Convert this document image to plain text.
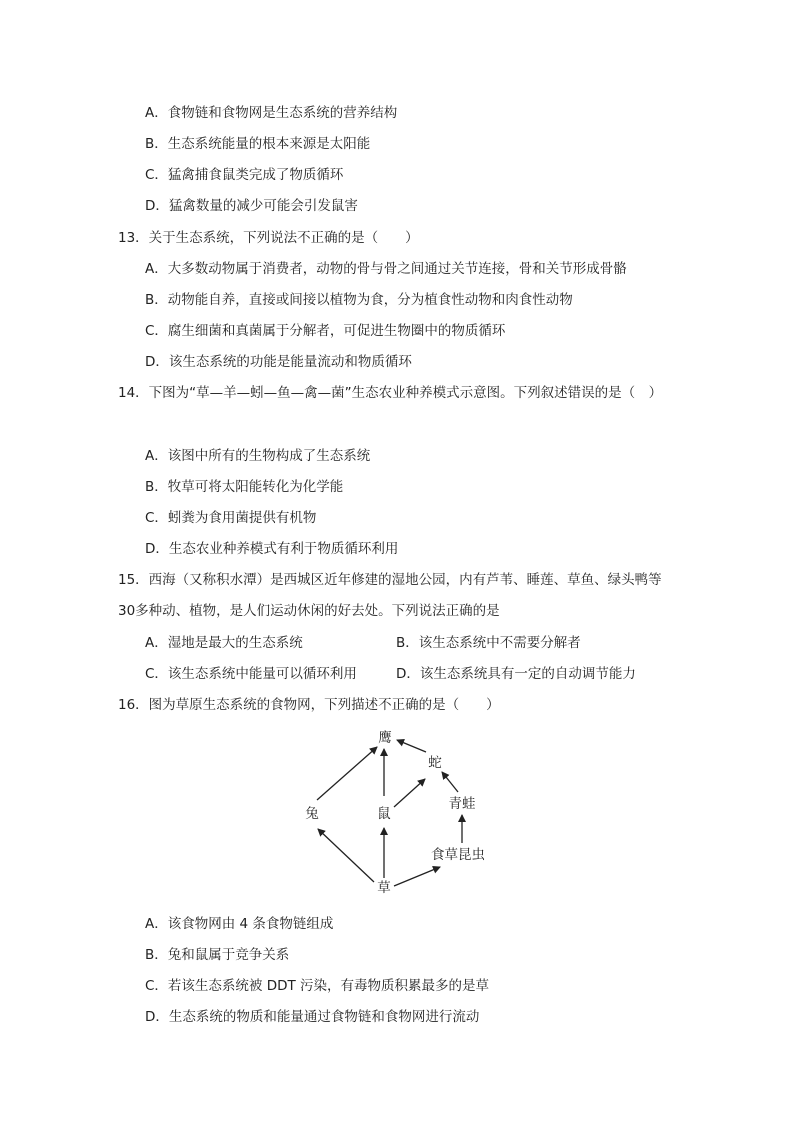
A．食物链和食物网是生态系统的营养结构
B．生态系统能量的根本来源是太阳能
C．猛禽捕食鼠类完成了物质循环
D．猛禽数量的减少可能会引发鼠害
13．关于生态系统，下列说法不正确的是（　　）
A．大多数动物属于消费者，动物的骨与骨之间通过关节连接，骨和关节形成骨骼
B．动物能自养，直接或间接以植物为食，分为植食性动物和肉食性动物
C．腐生细菌和真菌属于分解者，可促进生物圈中的物质循环
D．该生态系统的功能是能量流动和物质循环
14．下图为“草—羊—蚓—鱼—禽—菌”生态农业种养模式示意图。下列叙述错误的是（　）
A．该图中所有的生物构成了生态系统
B．牧草可将太阳能转化为化学能
C．蚓粪为食用菌提供有机物
D．生态农业种养模式有利于物质循环利用
15．西海（又称积水潭）是西城区近年修建的湿地公园，内有芦苇、睡莲、草鱼、绿头鸭等
30多种动、植物，是人们运动休闲的好去处。下列说法正确的是
A．湿地是最大的生态系统	B．该生态系统中不需要分解者
C．该生态系统中能量可以循环利用	D．该生态系统具有一定的自动调节能力
16．图为草原生态系统的食物网，下列描述不正确的是（　　）
鹰
蛇
青蛙
兔	鼠
食草昆虫
草
A．该食物网由 4 条食物链组成
B．兔和鼠属于竞争关系
C．若该生态系统被 DDT 污染，有毒物质积累最多的是草
D．生态系统的物质和能量通过食物链和食物网进行流动
